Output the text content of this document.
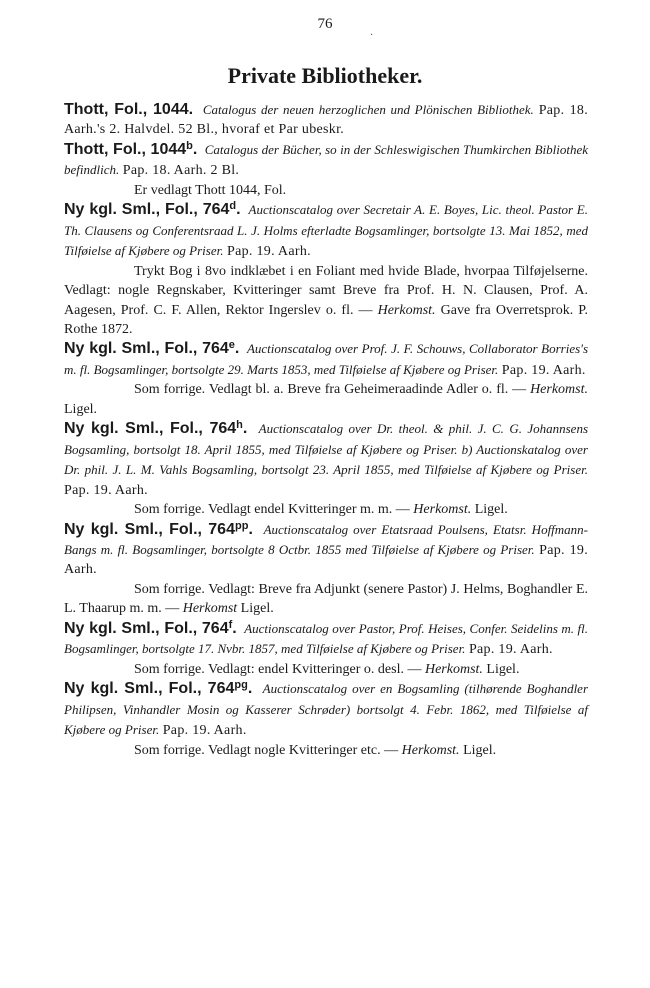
76
·
Private Bibliotheker.
Thott, Fol., 1044. Catalogus der neuen herzoglichen und Plönischen Bibliothek. Pap. 18. Aarh.'s 2. Halvdel. 52 Bl., hvoraf et Par ubeskr.
Thott, Fol., 1044$^b$. Catalogus der Bücher, so in der Schleswigischen Thumkirchen Bibliothek befindlich. Pap. 18. Aarh. 2 Bl.
Er vedlagt Thott 1044, Fol.
Ny kgl. Sml., Fol., 764$^d$. Auctionscatalog over Secretair A. E. Boyes, Lic. theol. Pastor E. Th. Clausens og Conferentsraad L. J. Holms efterladte Bogsamlinger, bortsolgte 13. Mai 1852, med Tilføielse af Kjøbere og Priser. Pap. 19. Aarh.
Trykt Bog i 8vo indklæbet i en Foliant med hvide Blade, hvorpaa Tilføjelserne. Vedlagt: nogle Regnskaber, Kvitteringer samt Breve fra Prof. H. N. Clausen, Prof. A. Aagesen, Prof. C. F. Allen, Rektor Ingerslev o. fl. — Herkomst. Gave fra Overretsprok. P. Rothe 1872.
Ny kgl. Sml., Fol., 764e. Auctionscatalog over Prof. J. F. Schouws, Collaborator Borries's m. fl. Bogsamlinger, bortsolgte 29. Marts 1853, med Tilføielse af Kjøbere og Priser. Pap. 19. Aarh.
Som forrige. Vedlagt bl. a. Breve fra Geheimeraadinde Adler o. fl. — Herkomst. Ligel.
Ny kgl. Sml., Fol., 764$^h$. Auctionscatalog over Dr. theol. & phil. J. C. G. Johannsens Bogsamling, bortsolgt 18. April 1855, med Tilføielse af Kjøbere og Priser. b) Auctionskatalog over Dr. phil. J. L. M. Vahls Bogsamling, bortsolgt 23. April 1855, med Tilføielse af Kjøbere og Priser. Pap. 19. Aarh.
Som forrige. Vedlagt endel Kvitteringer m. m. — Herkomst. Ligel.
Ny kgl. Sml., Fol., $764^{pp}$. Auctionscatalog over Etatsraad Poulsens, Etatsr. Hoffmann-Bangs m. fl. Bogsamlinger, bortsolgte 8 Octbr. 1855 med Tilføielse af Kjøbere og Priser. Pap. 19. Aarh.
Som forrige. Vedlagt: Breve fra Adjunkt (senere Pastor) J. Helms, Boghandler E. L. Thaarup m. m. — Herkomst Ligel.
Ny kgl. Sml., Fol., 764$^f$. Auctionscatalog over Pastor, Prof. Heises, Confer. Seidelins m. fl. Bogsamlinger, bortsolgte 17. Nvbr. 1857, med Tilføielse af Kjøbere og Priser. Pap. 19. Aarh.
Som forrige. Vedlagt: endel Kvitteringer o. desl. — Herkomst. Ligel.
Ny kgl. Sml., Fol., $764^{pg}$. Auctionscatalog over en Bogsamling (tilhørende Boghandler Philipsen, Vinhandler Mosin og Kasserer Schrøder) bortsolgt 4. Febr. 1862, med Tilføielse af Kjøbere og Priser. Pap. 19. Aarh.
Som forrige. Vedlagt nogle Kvitteringer etc. — Herkomst. Ligel.
